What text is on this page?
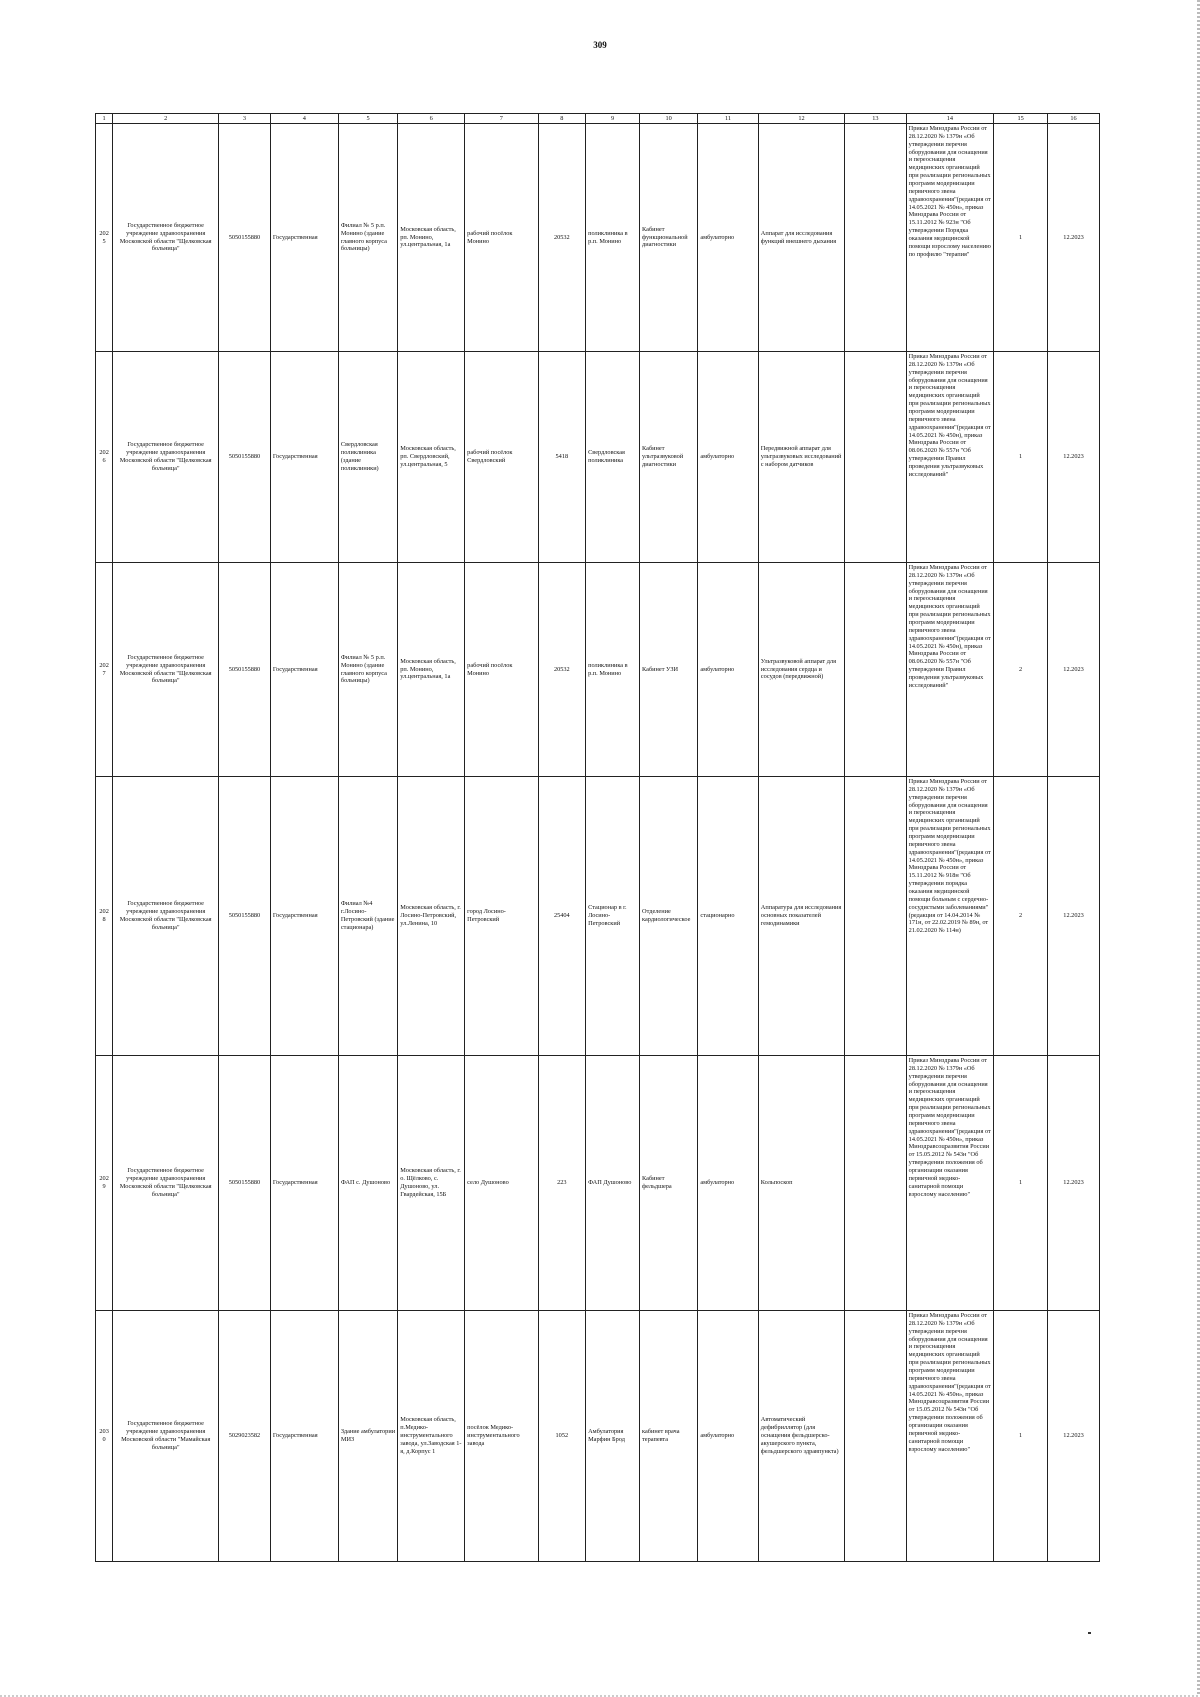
309
1	2	3	4	5	6	7	8	9	10	11	12	13	14	15	16
2025	Государственное бюджетное учреждение здравоохранения Московской области "Щелковская больница"	5050155880	Государственная	Филиал № 5 р.п. Монино (здание главного корпуса больницы)	Московская область, рп. Монино, ул.центральная, 1а	рабочий посёлок Монино	20532	поликлиника в р.п. Монино	Кабинет функциональной диагностики	амбулаторно	Аппарат для исследования функций внешнего дыхания		Приказ Минздрава России от 28.12.2020 № 1379н «Об утверждении перечня оборудования для оснащения и переоснащения медицинских организаций при реализации региональных программ модернизации первичного звена здравоохранения"(редакция от 14.05.2021 № 450н», приказ Минздрава России от 15.11.2012 № 923н "Об утверждении Порядка оказания медицинской помощи взрослому населению по профилю "терапия"	1	12.2023
2026	Государственное бюджетное учреждение здравоохранения Московской области "Щелковская больница"	5050155880	Государственная	Свердловская поликлиника (здание поликлиники)	Московская область, рп. Свердловский, ул.центральная, 5	рабочий посёлок Свердловский	5418	Свердловская поликлиника	Кабинет ультразвуковой диагностики	амбулаторно	Передвижной аппарат для ультразвуковых исследований с набором датчиков		Приказ Минздрава России от 28.12.2020 № 1379н «Об утверждении перечня оборудования для оснащения и переоснащения медицинских организаций при реализации региональных программ модернизации первичного звена здравоохранения"(редакция от 14.05.2021 № 450н), приказ Минздрава России от 08.06.2020 № 557н "Об утверждении Правил проведения ультразвуковых исследований"	1	12.2023
2027	Государственное бюджетное учреждение здравоохранения Московской области "Щелковская больница"	5050155880	Государственная	Филиал № 5 р.п. Монино (здание главного корпуса больницы)	Московская область, рп. Монино, ул.центральная, 1а	рабочий посёлок Монино	20532	поликлиника в р.п. Монино	Кабинет УЗИ	амбулаторно	Ультразвуковой аппарат для исследования сердца и сосудов (передвижной)		Приказ Минздрава России от 28.12.2020 № 1379н «Об утверждении перечня оборудования для оснащения и переоснащения медицинских организаций при реализации региональных программ модернизации первичного звена здравоохранения"(редакция от 14.05.2021 № 450н), приказ Минздрава России от 08.06.2020 № 557н "Об утверждении Правил проведения ультразвуковых исследований"	2	12.2023
2028	Государственное бюджетное учреждение здравоохранения Московской области "Щелковская больница"	5050155880	Государственная	Филиал №4 г.Лосино-Петровский (здание стационара)	Московская область, г. Лосино-Петровский, ул.Ленина, 10	город Лосино-Петровский	25404	Стационар в г. Лосино-Петровский	Отделение кардиологическое	стационарно	Аппаратура для исследования основных показателей гемодинамики		Приказ Минздрава России от 28.12.2020 № 1379н «Об утверждении перечня оборудования для оснащения и переоснащения медицинских организаций при реализации региональных программ модернизации первичного звена здравоохранения"(редакция от 14.05.2021 № 450н», приказ Минздрава России от 15.11.2012 № 918н "Об утверждении порядка оказания медицинской помощи больным с сердечно-сосудистыми заболеваниями" (редакция от 14.04.2014 № 171н, от 22.02.2019 № 89н, от 21.02.2020 № 114н)	2	12.2023
2029	Государственное бюджетное учреждение здравоохранения Московской области "Щелковская больница"	5050155880	Государственная	ФАП с. Душоново	Московская область, г. о. Щёлково, с. Душоново, ул. Гвардейская, 15Б	село Душоново	223	ФАП Душоново	Кабинет фельдшера	амбулаторно	Кольпоскоп		Приказ Минздрава России от 28.12.2020 № 1379н «Об утверждении перечня оборудования для оснащения и переоснащения медицинских организаций при реализации региональных программ модернизации первичного звена здравоохранения"(редакция от 14.05.2021 № 450н», приказ Минздравсоцразвития России от 15.05.2012 № 543н "Об утверждении положения об организации оказания первичной медико-санитарной помощи взрослому населению"	1	12.2023
2030	Государственное бюджетное учреждение здравоохранения Московской области "Мамайская больница"	5029023582	Государственная	Здание амбулатории МИЗ	Московская область, п.Медико-инструментального завода, ул.Заводская 1-я, д.Корпус 1	посёлок Медико-инструментального завода	1052	Амбулатория Марфин Брод	кабинет врача терапевта	амбулаторно	Автоматический дефибриллятор (для оснащения фельдшерско-акушерского пункта, фельдшерского здравпункта)		Приказ Минздрава России от 28.12.2020 № 1379н «Об утверждении перечня оборудования для оснащения и переоснащения медицинских организаций при реализации региональных программ модернизации первичного звена здравоохранения"(редакция от 14.05.2021 № 450н», приказ Минздравсоцразвития России от 15.05.2012 № 543н "Об утверждении положения об организации оказания первичной медико-санитарной помощи взрослому населению"	1	12.2023
